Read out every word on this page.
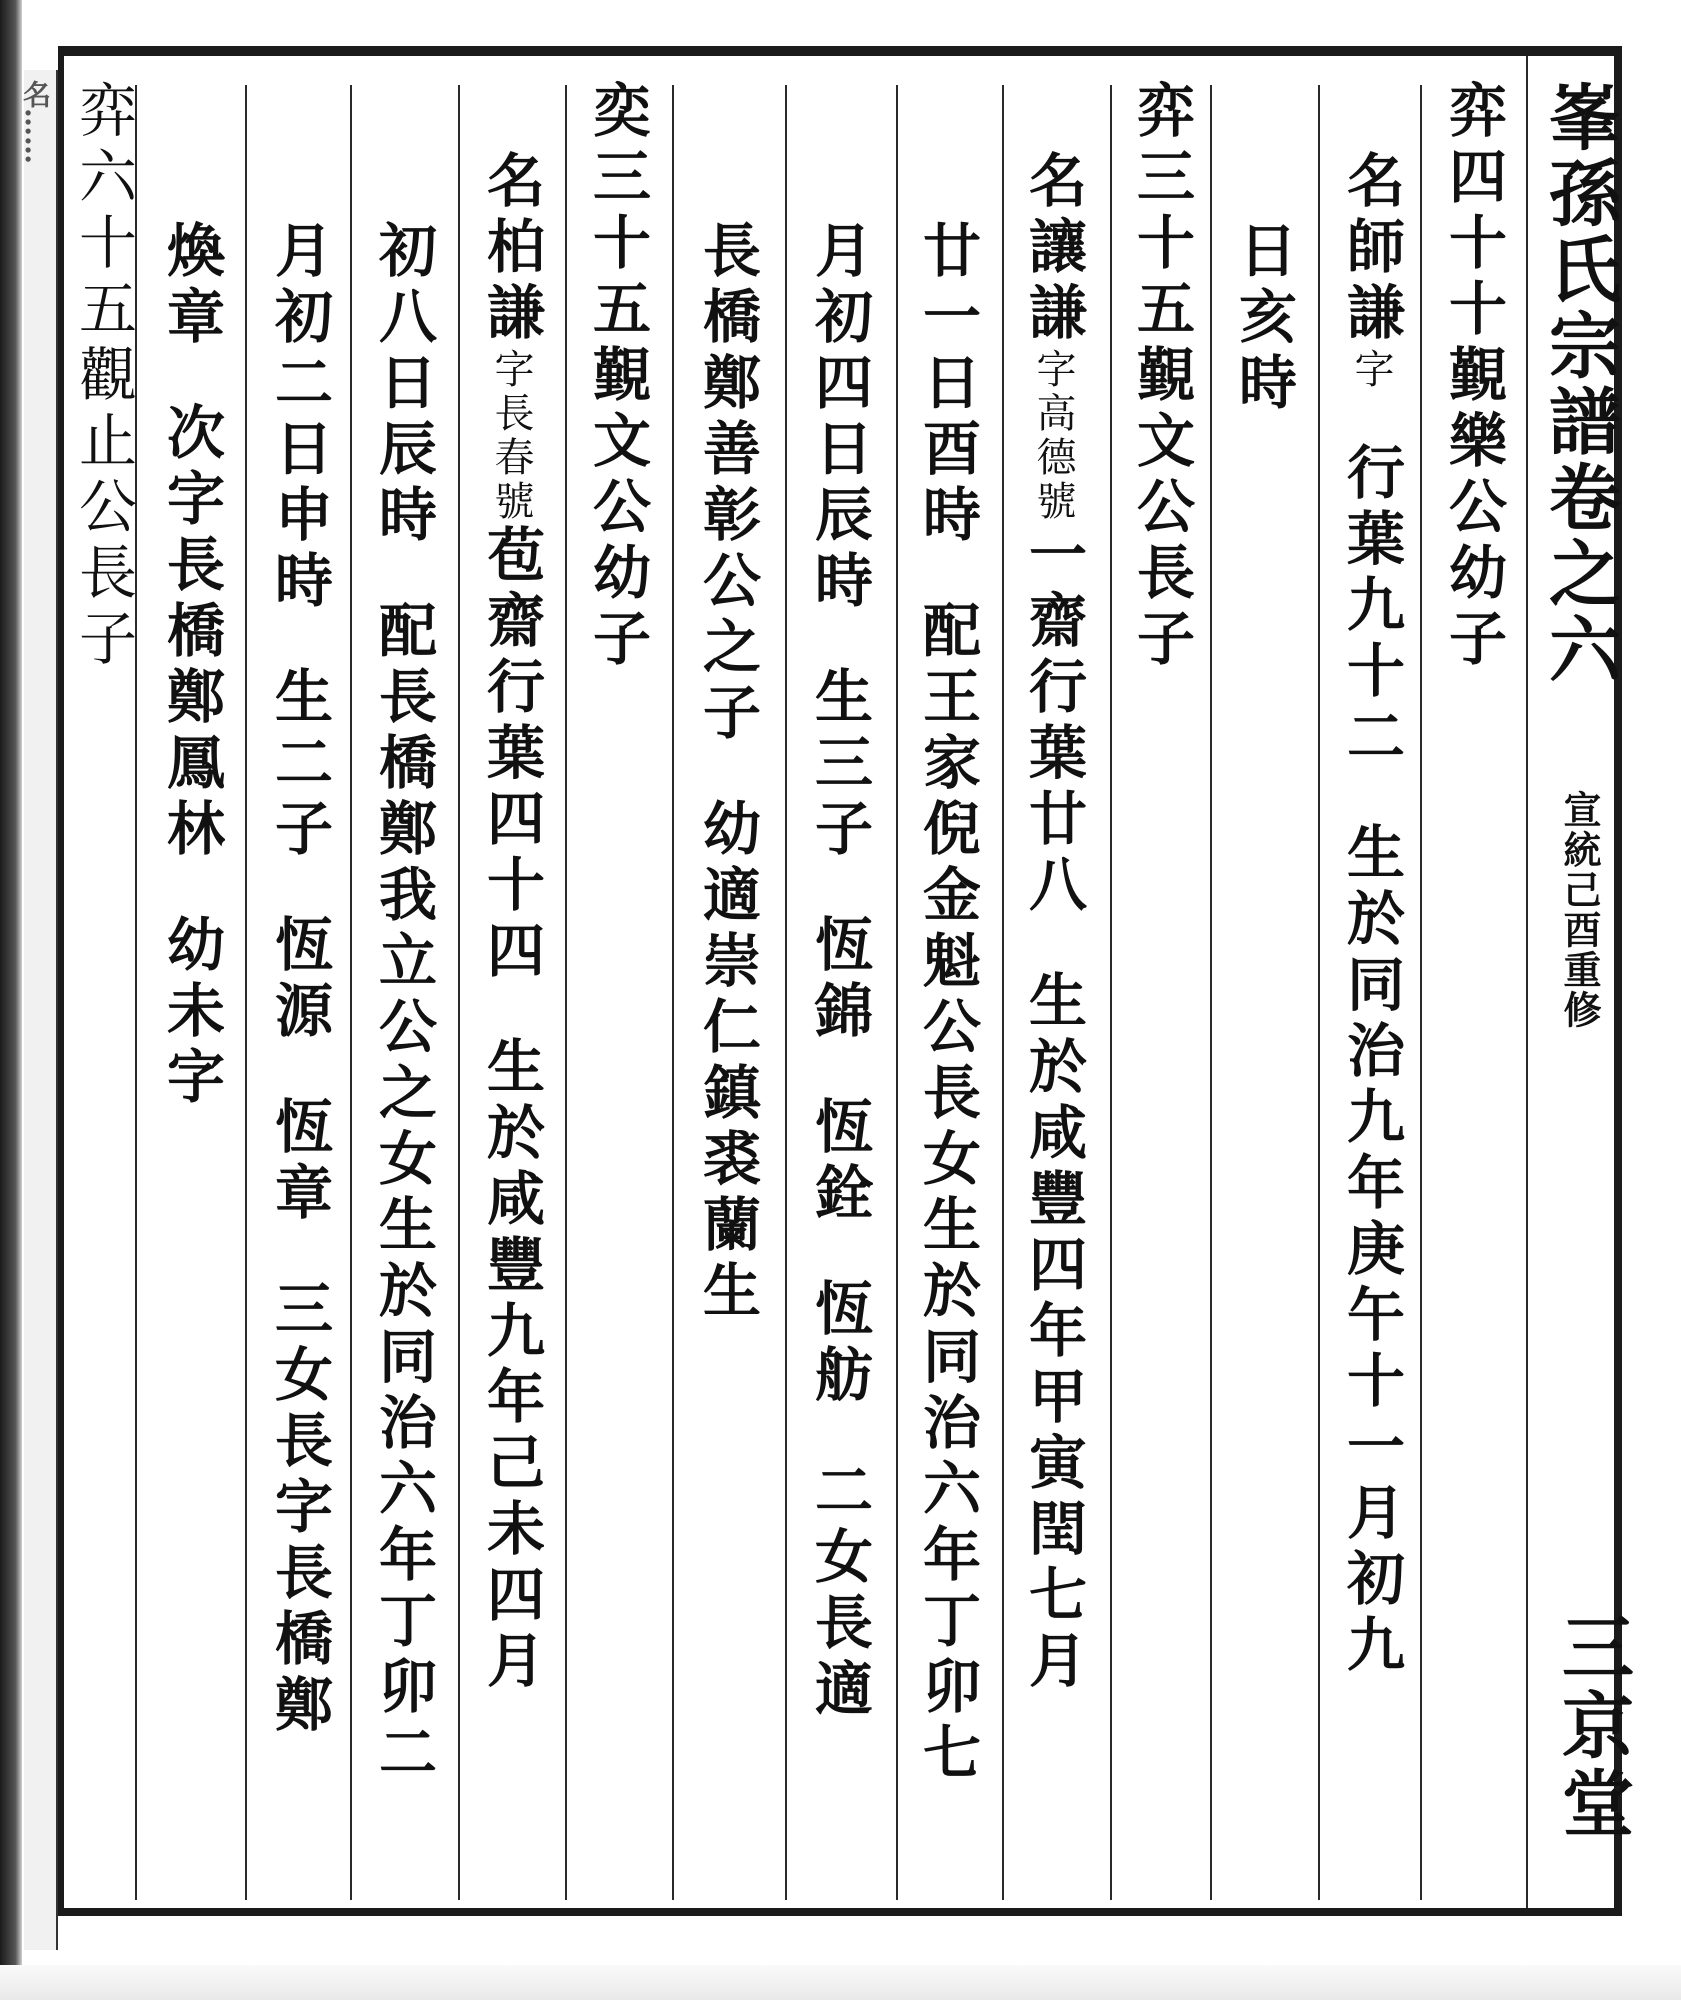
名……	峯孫氏宗譜卷之六
宣統己酉重修
三京堂
弈四十十覲樂公幼子
名師謙字行葉九十二生於同治九年庚午十一月初九
日亥時
弈三十五覲文公長子
名讓謙字高德號一齋行葉廿八生於咸豐四年甲寅閏七月
廿一日酉時配王家倪金魁公長女生於同治六年丁卯七
月初四日辰時生三子恆錦恆銓恆舫二女長適
長橋鄭善彰公之子幼適崇仁鎮裘蘭生
奕三十五覲文公幼子
名柏謙字長春號苞齋行葉四十四生於咸豐九年己未四月
初八日辰時配長橋鄭我立公之女生於同治六年丁卯二
月初二日申時生二子恆源恆章三女長字長橋鄭
煥章次字長橋鄭鳳林幼未字
弈六十五觀止公長子
